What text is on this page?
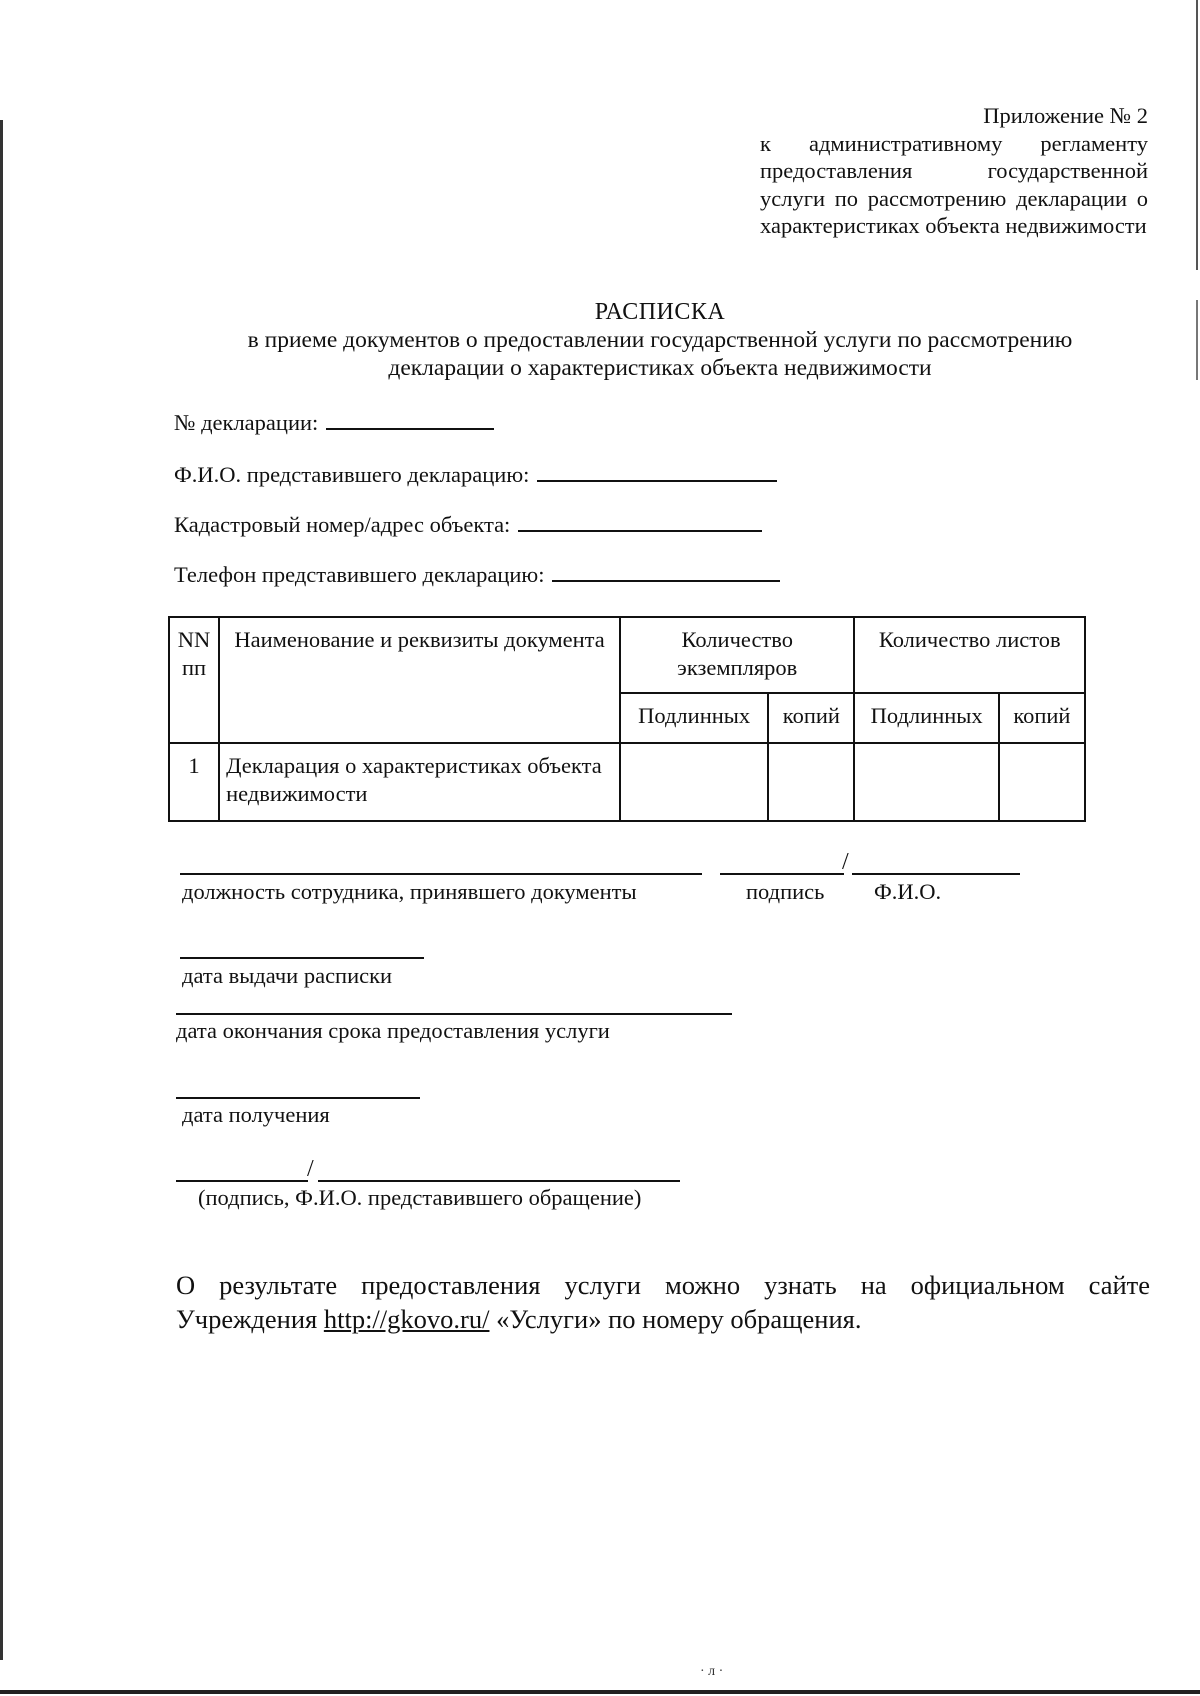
Приложение № 2
к административному регламенту предоставления государственной услуги по рассмотрению декларации о характеристиках объекта недвижимости
РАСПИСКА
в приеме документов о предоставлении государственной услуги по рассмотрению
декларации о характеристиках объекта недвижимости
№ декларации:
Ф.И.О. представившего декларацию:
Кадастровый номер/адрес объекта:
Телефон представившего декларацию:
NN пп	Наименование и реквизиты документа	Количество экземпляров		Количество листов	
		Подлинных	копий	Подлинных	копий
1	Декларация о характеристиках объекта недвижимости				
/
должность сотрудника, принявшего документы	подпись Ф.И.О.
дата выдачи расписки
дата окончания срока предоставления услуги
дата получения
/
(подпись, Ф.И.О. представившего обращение)
О результате предоставления услуги можно узнать на официальном сайте Учреждения http://gkovo.ru/ «Услуги» по номеру обращения.
· л ·
